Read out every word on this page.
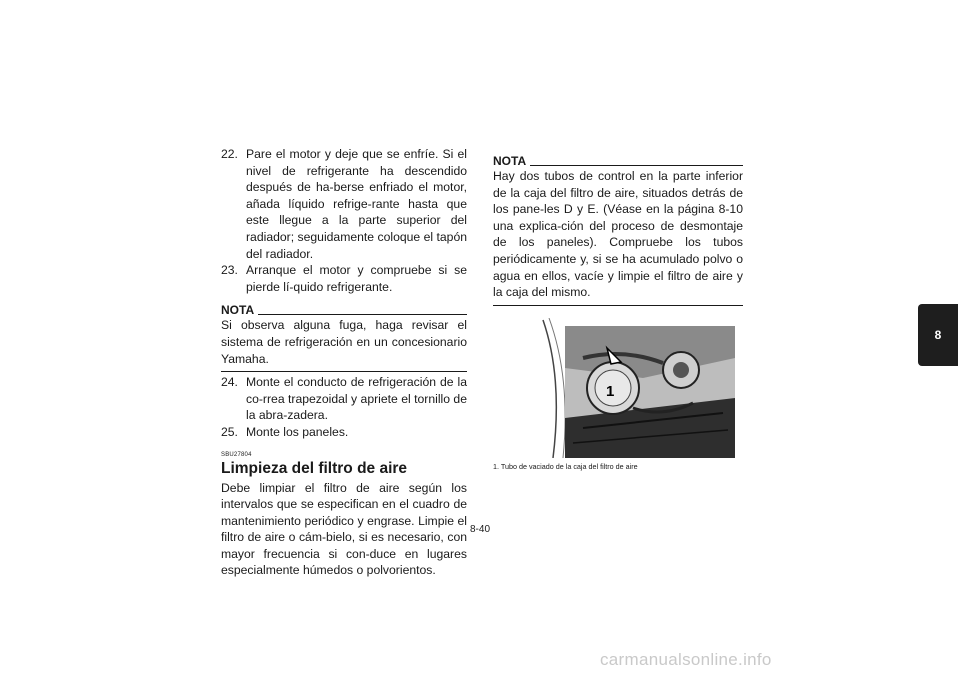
22. Pare el motor y deje que se enfríe. Si el nivel de refrigerante ha descendido después de ha-berse enfriado el motor, añada líquido refrige-rante hasta que este llegue a la parte superior del radiador; seguidamente coloque el tapón del radiador.
23. Arranque el motor y compruebe si se pierde lí-quido refrigerante.
NOTA
Si observa alguna fuga, haga revisar el sistema de refrigeración en un concesionario Yamaha.
24. Monte el conducto de refrigeración de la co-rrea trapezoidal y apriete el tornillo de la abra-zadera.
25. Monte los paneles.
SBU27804
Limpieza del filtro de aire
Debe limpiar el filtro de aire según los intervalos que se especifican en el cuadro de mantenimiento periódico y engrase. Limpie el filtro de aire o cám-bielo, si es necesario, con mayor frecuencia si con-duce en lugares especialmente húmedos o polvorientos.
NOTA
Hay dos tubos de control en la parte inferior de la caja del filtro de aire, situados detrás de los pane-les D y E. (Véase en la página 8-10 una explica-ción del proceso de desmontaje de los paneles). Compruebe los tubos periódicamente y, si se ha acumulado polvo o agua en ellos, vacíe y limpie el filtro de aire y la caja del mismo.
1
1. Tubo de vaciado de la caja del filtro de aire
8
8-40
carmanualsonline.info
